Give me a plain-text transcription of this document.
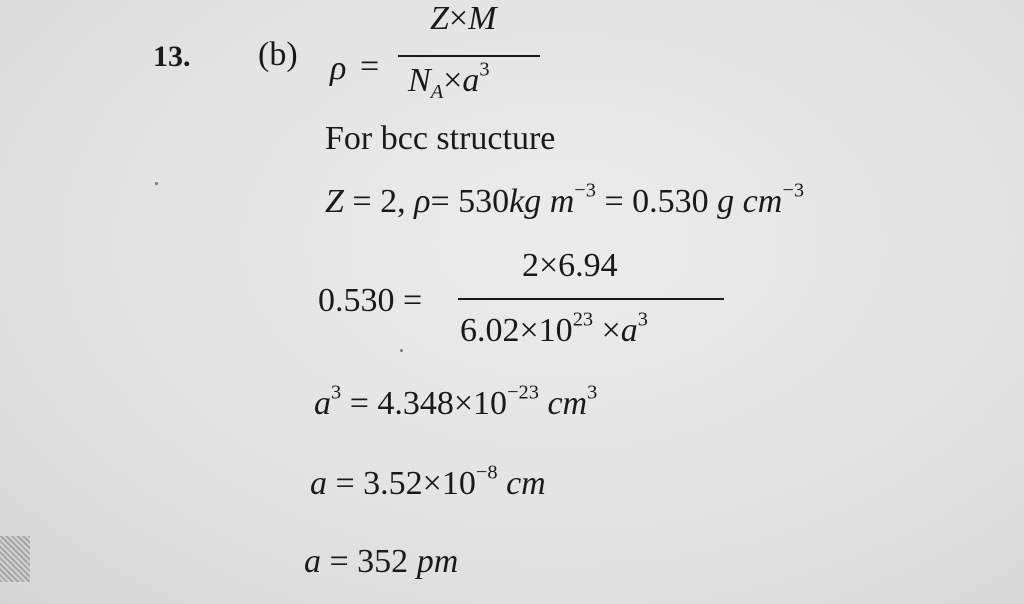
13. (b) ρ =
Z×M
$N_A\times a^3$
For bcc structure
Z = 2, ρ= 530kg $m^{-3} = 0.530$ g $cm^{-3}$
0.530 =
2×6.94
$6.02\times 10^{23} \times a^3$
$a^3 = 4.348\times 10^{-23}$ $cm^3$
$a = 3.52\times 10^{-8}$ cm
a = 352 pm
